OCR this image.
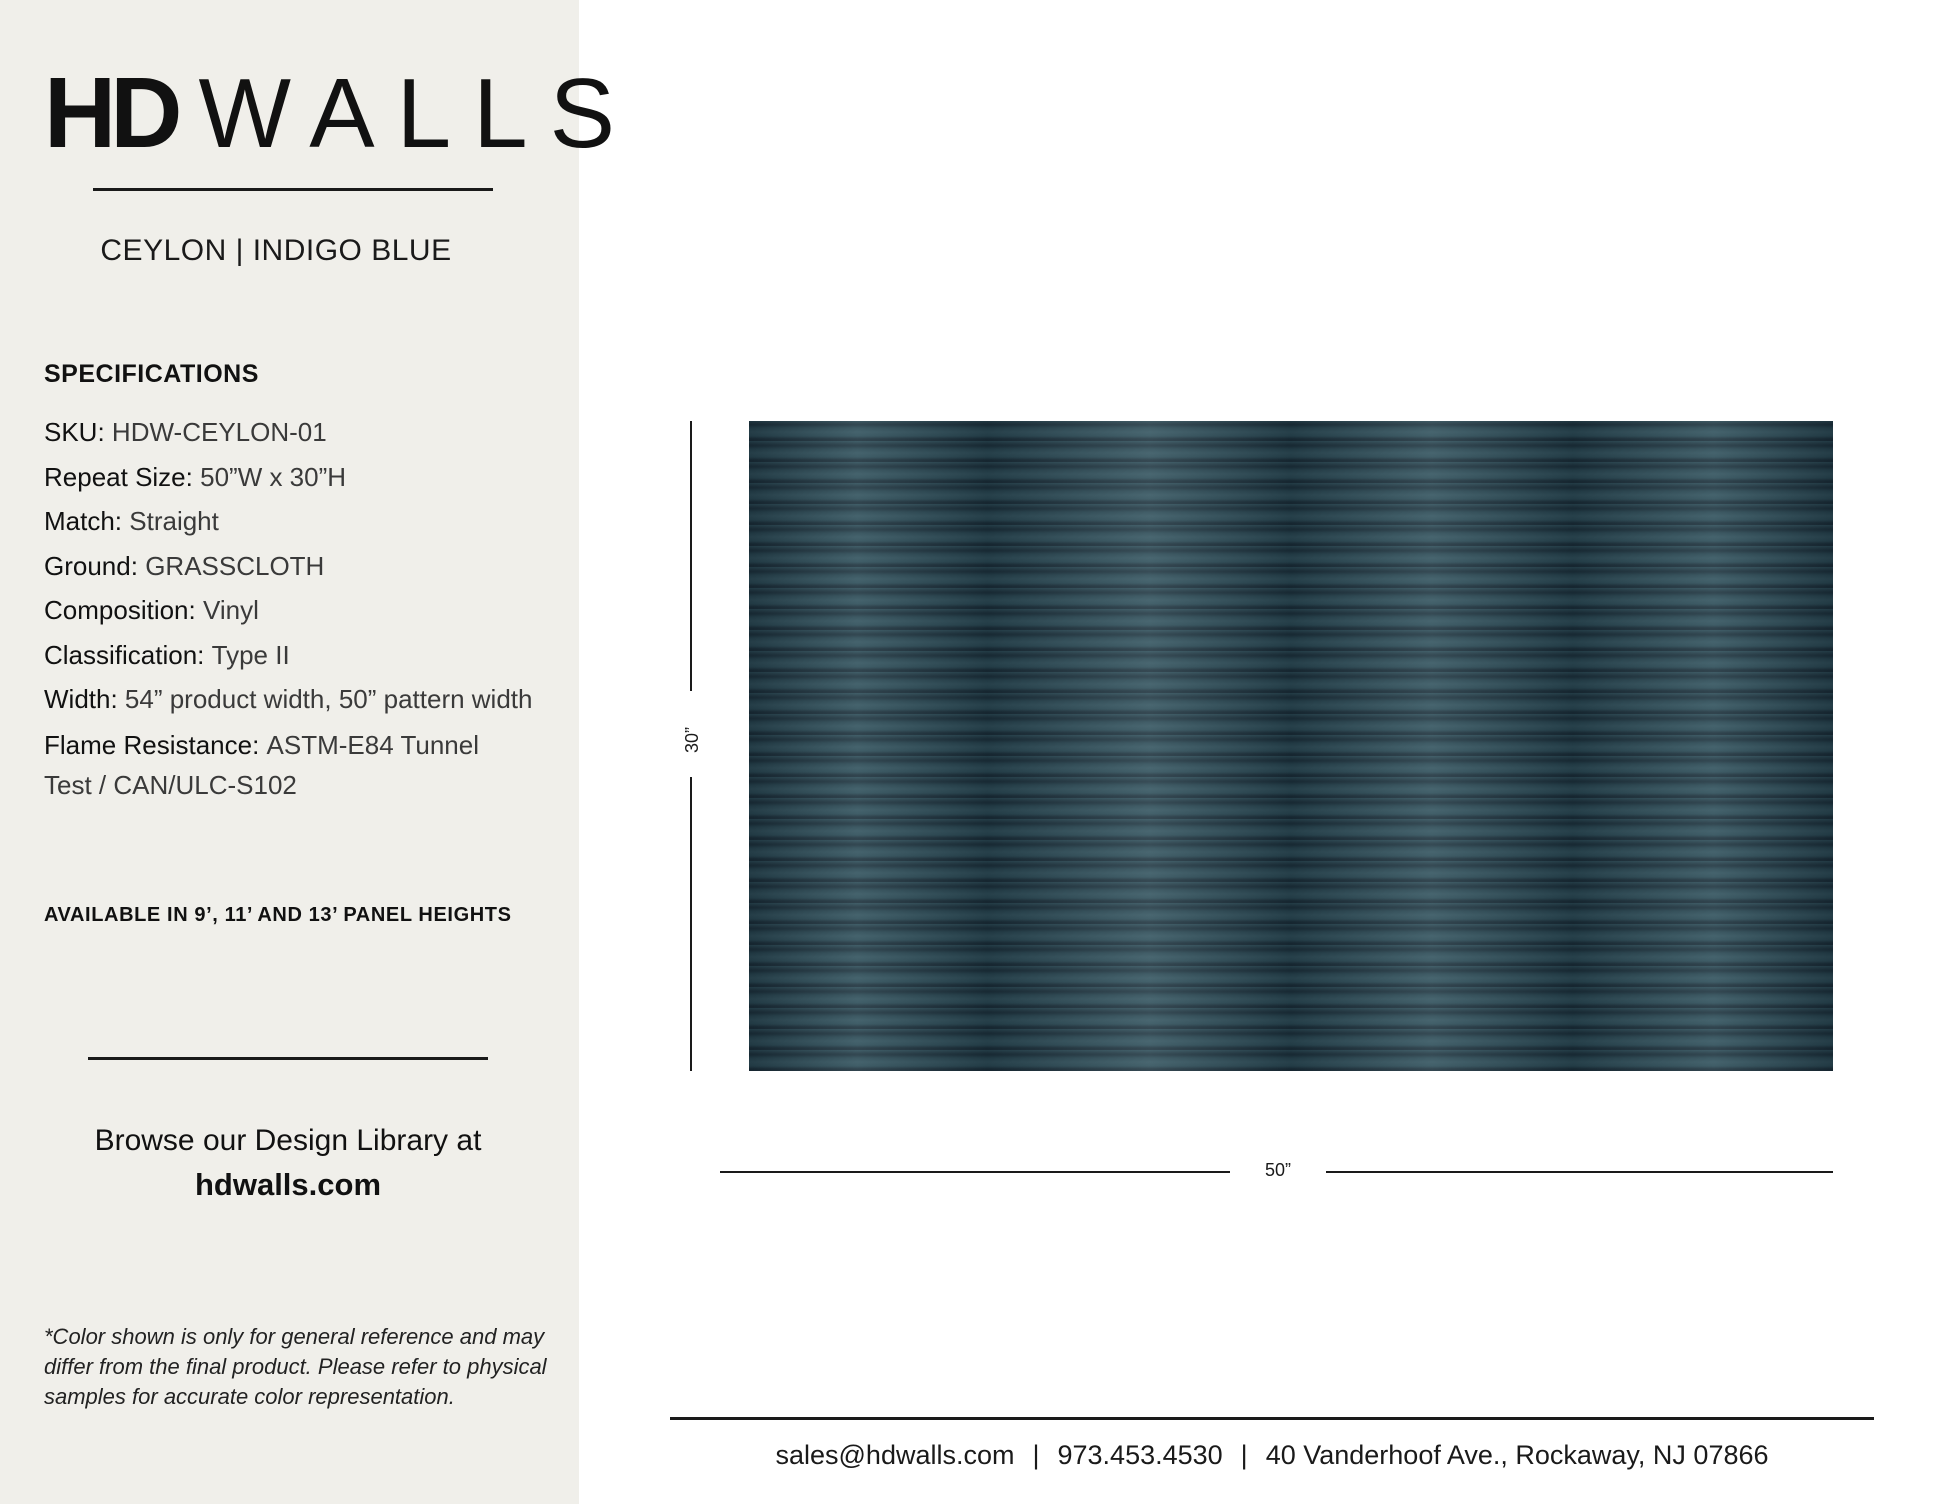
HD WALLS
CEYLON | INDIGO BLUE
SPECIFICATIONS
SKU: HDW-CEYLON-01
Repeat Size: 50”W x 30”H
Match: Straight
Ground: GRASSCLOTH
Composition: Vinyl
Classification: Type II
Width: 54” product width, 50” pattern width
Flame Resistance: ASTM-E84 Tunnel Test / CAN/ULC-S102
AVAILABLE IN 9’, 11’ AND 13’ PANEL HEIGHTS
Browse our Design Library at
hdwalls.com
*Color shown is only for general reference and may differ from the final product. Please refer to physical samples for accurate color representation.
30”
50”
sales@hdwalls.com | 973.453.4530 | 40 Vanderhoof Ave., Rockaway, NJ 07866
